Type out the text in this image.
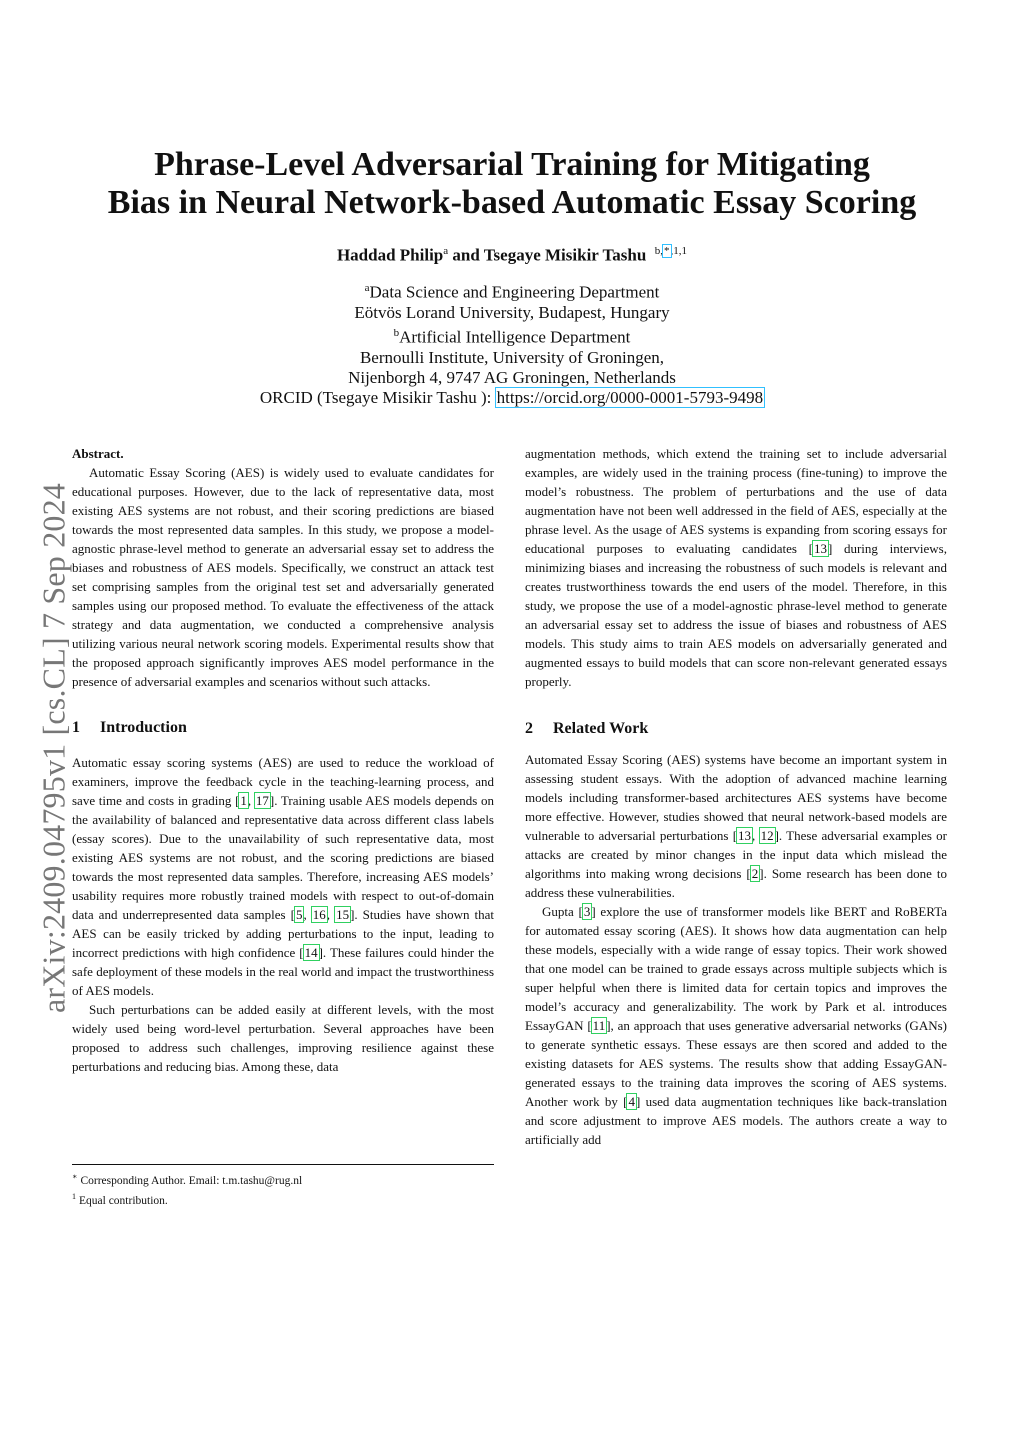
arXiv:2409.04795v1 [cs.CL] 7 Sep 2024
Phrase-Level Adversarial Training for Mitigating
Bias in Neural Network-based Automatic Essay Scoring
Haddad Philip$^a$ and Tsegaye Misikir Tashu $^{b,*,1,1}$
$^a$Data Science and Engineering Department
Eötvös Lorand University, Budapest, Hungary
$^b$Artificial Intelligence Department
Bernoulli Institute, University of Groningen,
Nijenborgh 4, 9747 AG Groningen, Netherlands
ORCID (Tsegaye Misikir Tashu ): https://orcid.org/0000-0001-5793-9498

Abstract.

Automatic Essay Scoring (AES) is widely used to evaluate candidates for educational purposes. However, due to the lack of representative data, most existing AES systems are not robust, and their scoring predictions are biased towards the most represented data samples. In this study, we propose a model-agnostic phrase-level method to generate an adversarial essay set to address the biases and robustness of AES models. Specifically, we construct an attack test set comprising samples from the original test set and adversarially generated samples using our proposed method. To evaluate the effectiveness of the attack strategy and data augmentation, we conducted a comprehensive analysis utilizing various neural network scoring models. Experimental results show that the proposed approach significantly improves AES model performance in the presence of adversarial examples and scenarios without such attacks.

1 Introduction

Automatic essay scoring systems (AES) are used to reduce the workload of examiners, improve the feedback cycle in the teaching-learning process, and save time and costs in grading [1, 17]. Training usable AES models depends on the availability of balanced and representative data across different class labels (essay scores). Due to the unavailability of such representative data, most existing AES systems are not robust, and the scoring predictions are biased towards the most represented data samples. Therefore, increasing AES models’ usability requires more robustly trained models with respect to out-of-domain data and underrepresented data samples [5, 16, 15]. Studies have shown that AES can be easily tricked by adding perturbations to the input, leading to incorrect predictions with high confidence [14]. These failures could hinder the safe deployment of these models in the real world and impact the trustworthiness of AES models.

Such perturbations can be added easily at different levels, with the most widely used being word-level perturbation. Several approaches have been proposed to address such challenges, improving resilience against these perturbations and reducing bias. Among these, data

∗ Corresponding Author. Email: t.m.tashu@rug.nl
$^1$ Equal contribution.

augmentation methods, which extend the training set to include adversarial examples, are widely used in the training process (fine-tuning) to improve the model’s robustness. The problem of perturbations and the use of data augmentation have not been well addressed in the field of AES, especially at the phrase level. As the usage of AES systems is expanding from scoring essays for educational purposes to evaluating candidates [13] during interviews, minimizing biases and increasing the robustness of such models is relevant and creates trustworthiness towards the end users of the model. Therefore, in this study, we propose the use of a model-agnostic phrase-level method to generate an adversarial essay set to address the issue of biases and robustness of AES models. This study aims to train AES models on adversarially generated and augmented essays to build models that can score non-relevant generated essays properly.

2 Related Work

Automated Essay Scoring (AES) systems have become an important system in assessing student essays. With the adoption of advanced machine learning models including transformer-based architectures AES systems have become more effective. However, studies showed that neural network-based models are vulnerable to adversarial perturbations [13, 12]. These adversarial examples or attacks are created by minor changes in the input data which mislead the algorithms into making wrong decisions [2]. Some research has been done to address these vulnerabilities.

Gupta [3] explore the use of transformer models like BERT and RoBERTa for automated essay scoring (AES). It shows how data augmentation can help these models, especially with a wide range of essay topics. Their work showed that one model can be trained to grade essays across multiple subjects which is super helpful when there is limited data for certain topics and improves the model’s accuracy and generalizability. The work by Park et al. introduces EssayGAN [11], an approach that uses generative adversarial networks (GANs) to generate synthetic essays. These essays are then scored and added to the existing datasets for AES systems. The results show that adding EssayGAN-generated essays to the training data improves the scoring of AES systems. Another work by [4] used data augmentation techniques like back-translation and score adjustment to improve AES models. The authors create a way to artificially add
